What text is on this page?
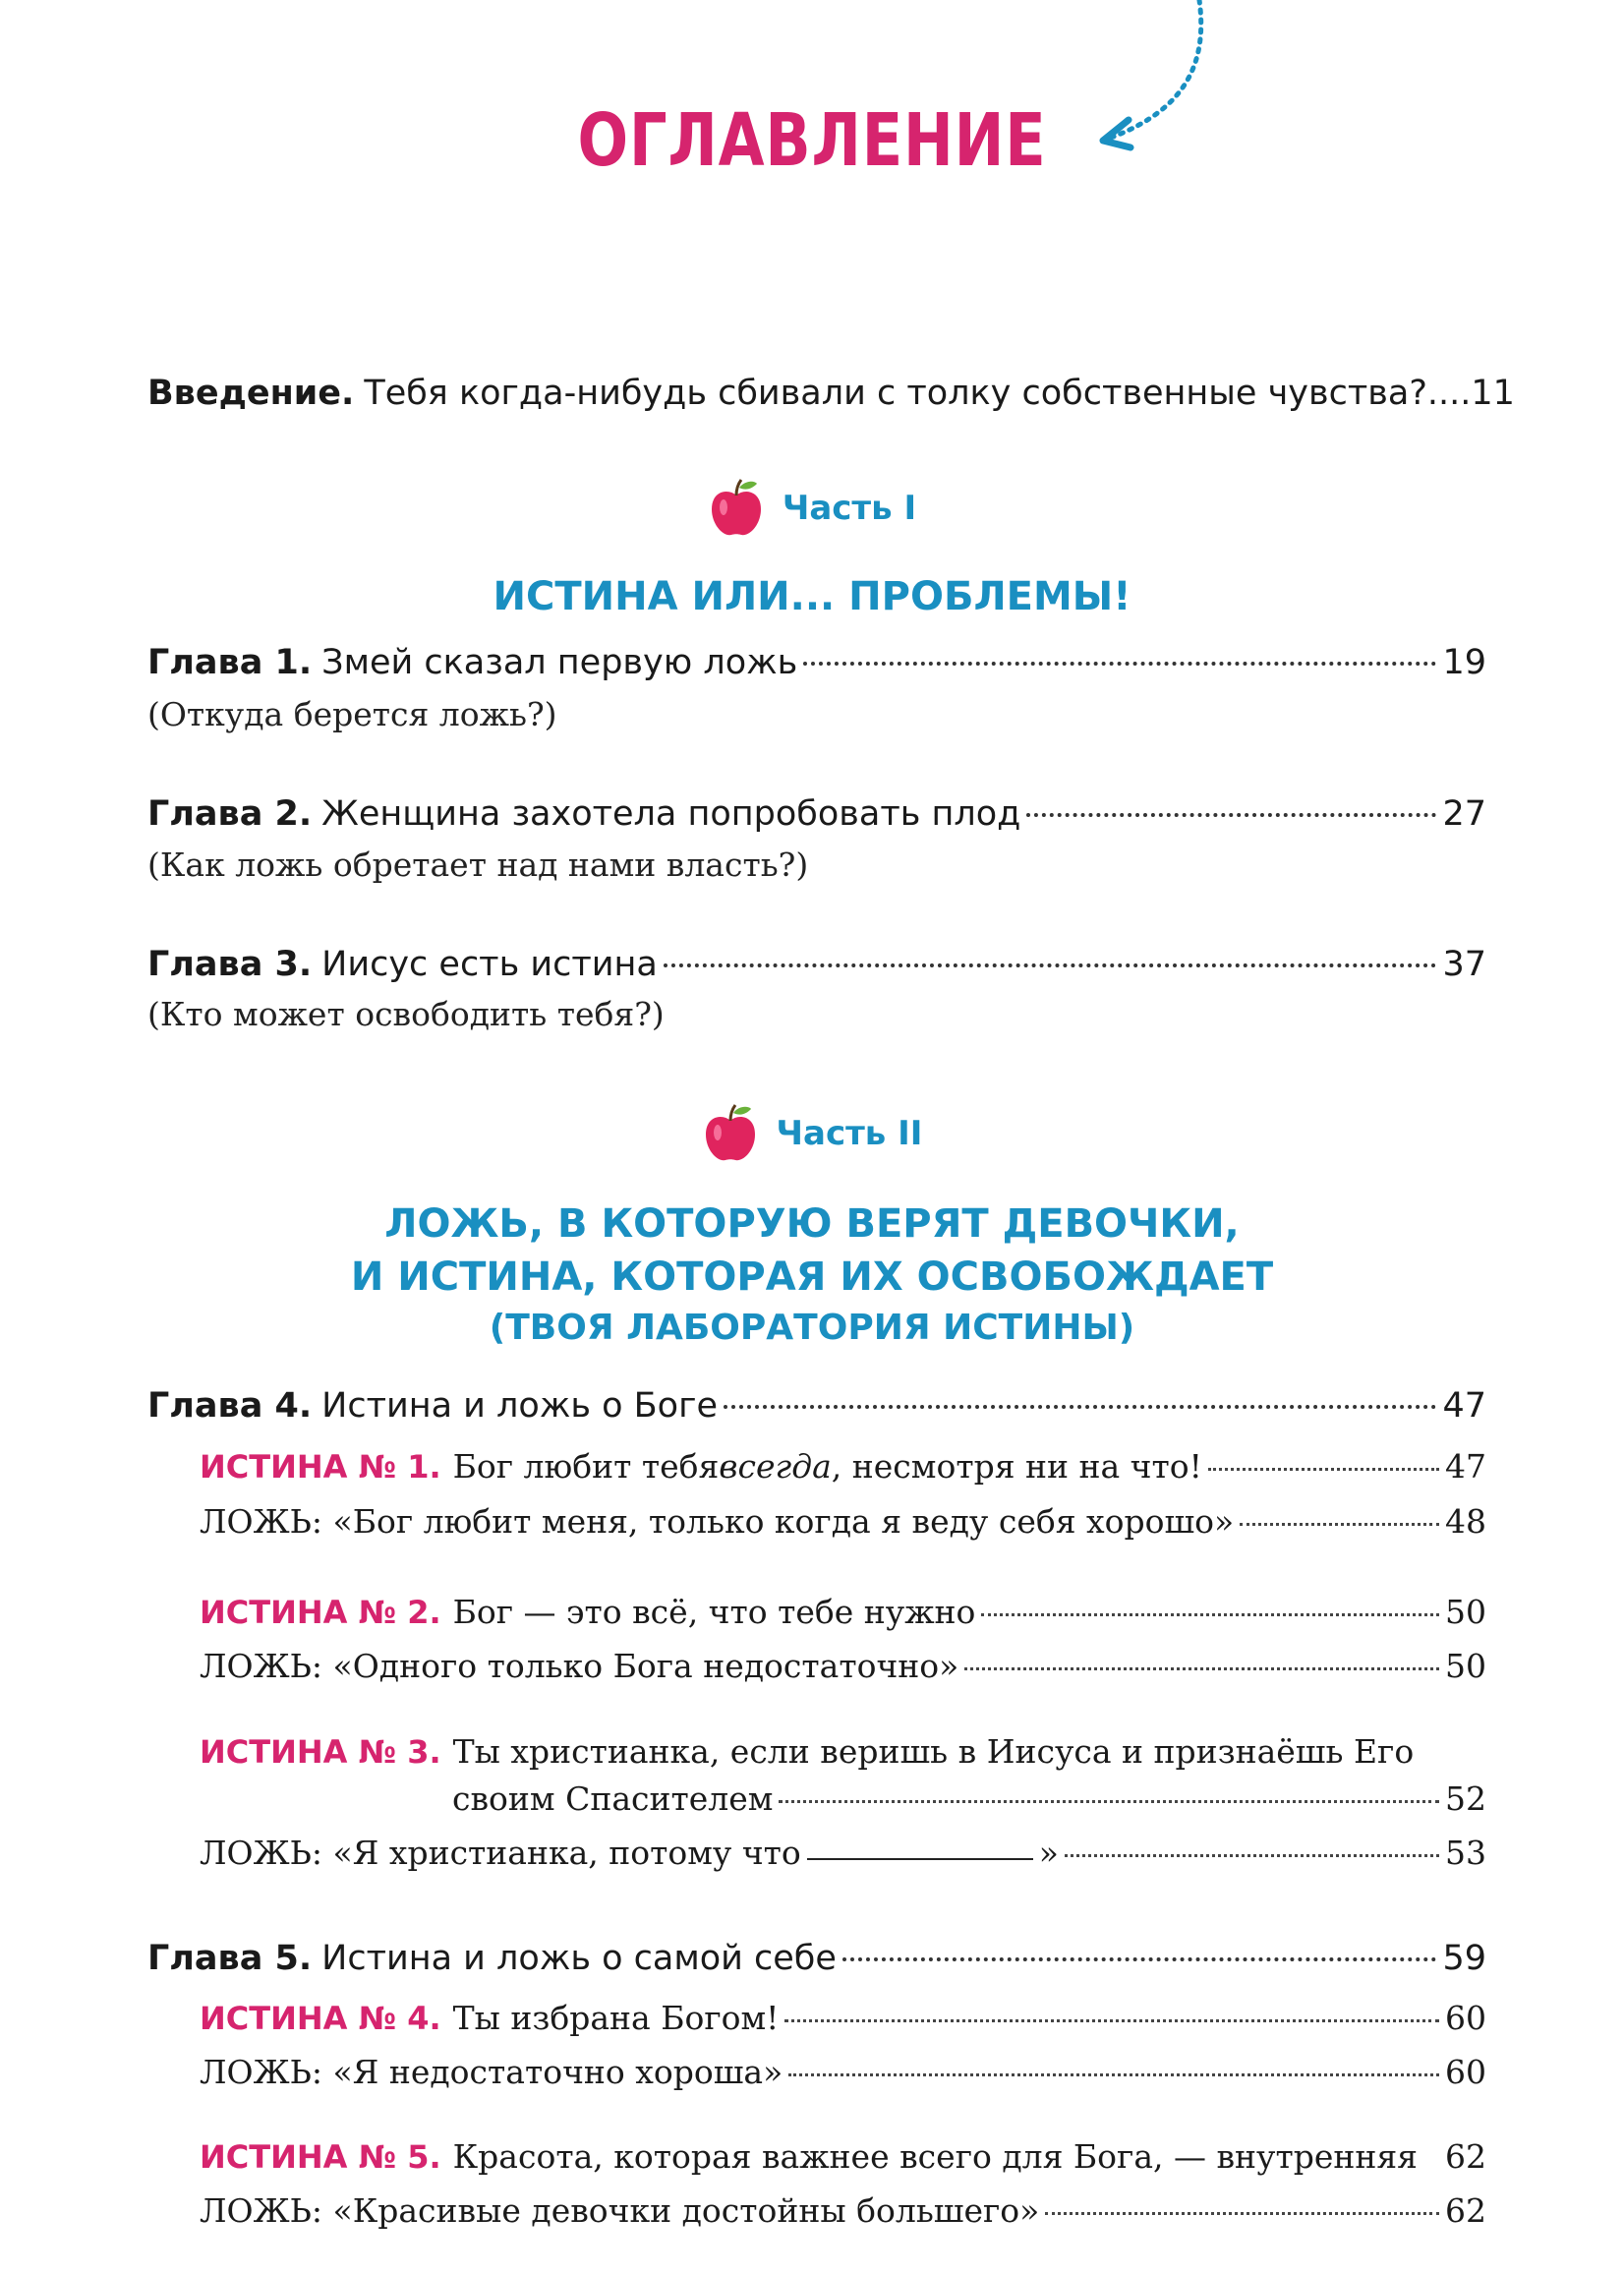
ОГЛАВЛЕНИЕ
Введение. Тебя когда-нибудь сбивали с толку собственные чувства?....11
Часть I
ИСТИНА ИЛИ... ПРОБЛЕМЫ!
Глава 1. Змей сказал первую ложь	19
(Откуда берется ложь?)
Глава 2. Женщина захотела попробовать плод	27
(Как ложь обретает над нами власть?)
Глава 3. Иисус есть истина	37
(Кто может освободить тебя?)
Часть II
ЛОЖЬ, В КОТОРУЮ ВЕРЯТ ДЕВОЧКИ,
И ИСТИНА, КОТОРАЯ ИХ ОСВОБОЖДАЕТ
(ТВОЯ ЛАБОРАТОРИЯ ИСТИНЫ)
Глава 4. Истина и ложь о Боге	47
ИСТИНА № 1. Бог любит тебя всегда , несмотря ни на что!	47
ЛОЖЬ: «Бог любит меня, только когда я веду себя хорошо»	48
ИСТИНА № 2. Бог — это всё, что тебе нужно	50
ЛОЖЬ: «Одного только Бога недостаточно»	50
ИСТИНА № 3. Ты христианка, если веришь в Иисуса и признаёшь Его
своим Спасителем	52
ЛОЖЬ: «Я христианка, потому что	»	53
Глава 5. Истина и ложь о самой себе	59
ИСТИНА № 4. Ты избрана Богом!	60
ЛОЖЬ: «Я недостаточно хороша»	60
ИСТИНА № 5. Красота, которая важнее всего для Бога, — внутренняя 62
ЛОЖЬ: «Красивые девочки достойны большего»	62
